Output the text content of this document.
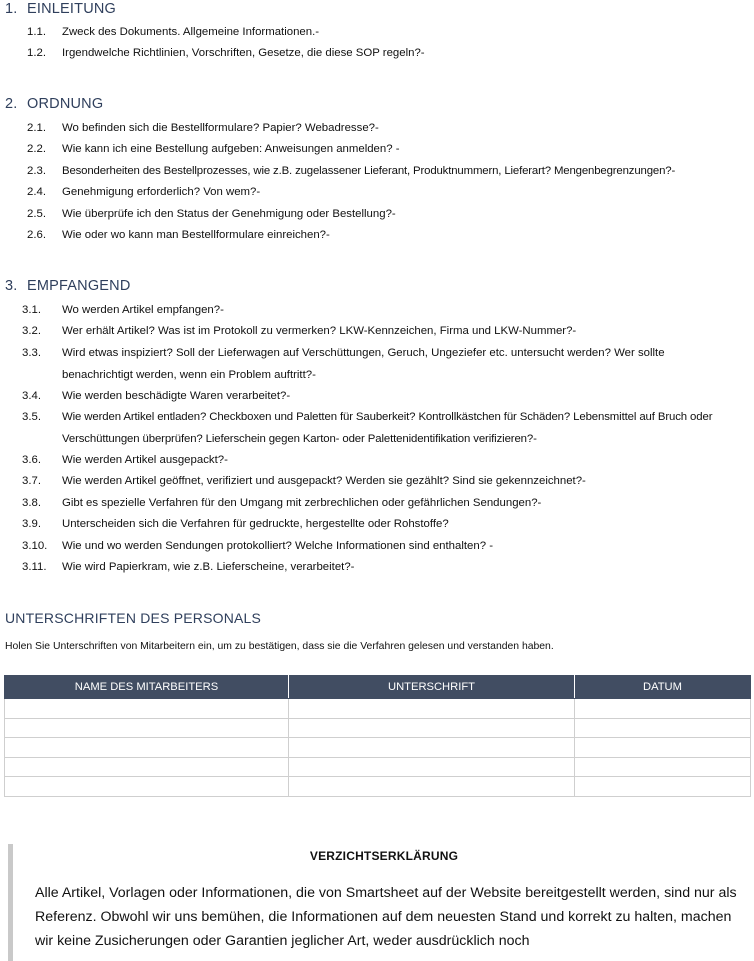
1. EINLEITUNG
1.1. Zweck des Dokuments. Allgemeine Informationen.-
1.2. Irgendwelche Richtlinien, Vorschriften, Gesetze, die diese SOP regeln?-
2. ORDNUNG
2.1. Wo befinden sich die Bestellformulare? Papier? Webadresse?-
2.2. Wie kann ich eine Bestellung aufgeben: Anweisungen anmelden? -
2.3. Besonderheiten des Bestellprozesses, wie z.B. zugelassener Lieferant, Produktnummern, Lieferart? Mengenbegrenzungen?-
2.4. Genehmigung erforderlich? Von wem?-
2.5. Wie überprüfe ich den Status der Genehmigung oder Bestellung?-
2.6. Wie oder wo kann man Bestellformulare einreichen?-
3. EMPFANGEND
3.1. Wo werden Artikel empfangen?-
3.2. Wer erhält Artikel? Was ist im Protokoll zu vermerken? LKW-Kennzeichen, Firma und LKW-Nummer?-
3.3. Wird etwas inspiziert? Soll der Lieferwagen auf Verschüttungen, Geruch, Ungeziefer etc. untersucht werden? Wer sollte benachrichtigt werden, wenn ein Problem auftritt?-
3.4. Wie werden beschädigte Waren verarbeitet?-
3.5. Wie werden Artikel entladen? Checkboxen und Paletten für Sauberkeit? Kontrollkästchen für Schäden? Lebensmittel auf Bruch oder Verschüttungen überprüfen? Lieferschein gegen Karton- oder Palettenidentifikation verifizieren?-
3.6. Wie werden Artikel ausgepackt?-
3.7. Wie werden Artikel geöffnet, verifiziert und ausgepackt? Werden sie gezählt? Sind sie gekennzeichnet?-
3.8. Gibt es spezielle Verfahren für den Umgang mit zerbrechlichen oder gefährlichen Sendungen?-
3.9. Unterscheiden sich die Verfahren für gedruckte, hergestellte oder Rohstoffe?
3.10. Wie und wo werden Sendungen protokolliert? Welche Informationen sind enthalten? -
3.11. Wie wird Papierkram, wie z.B. Lieferscheine, verarbeitet?-
UNTERSCHRIFTEN DES PERSONALS
Holen Sie Unterschriften von Mitarbeitern ein, um zu bestätigen, dass sie die Verfahren gelesen und verstanden haben.
NAME DES MITARBEITERS	UNTERSCHRIFT	DATUM

VERZICHTSERKLÄRUNG
Alle Artikel, Vorlagen oder Informationen, die von Smartsheet auf der Website bereitgestellt werden, sind nur als Referenz. Obwohl wir uns bemühen, die Informationen auf dem neuesten Stand und korrekt zu halten, machen wir keine Zusicherungen oder Garantien jeglicher Art, weder ausdrücklich noch
